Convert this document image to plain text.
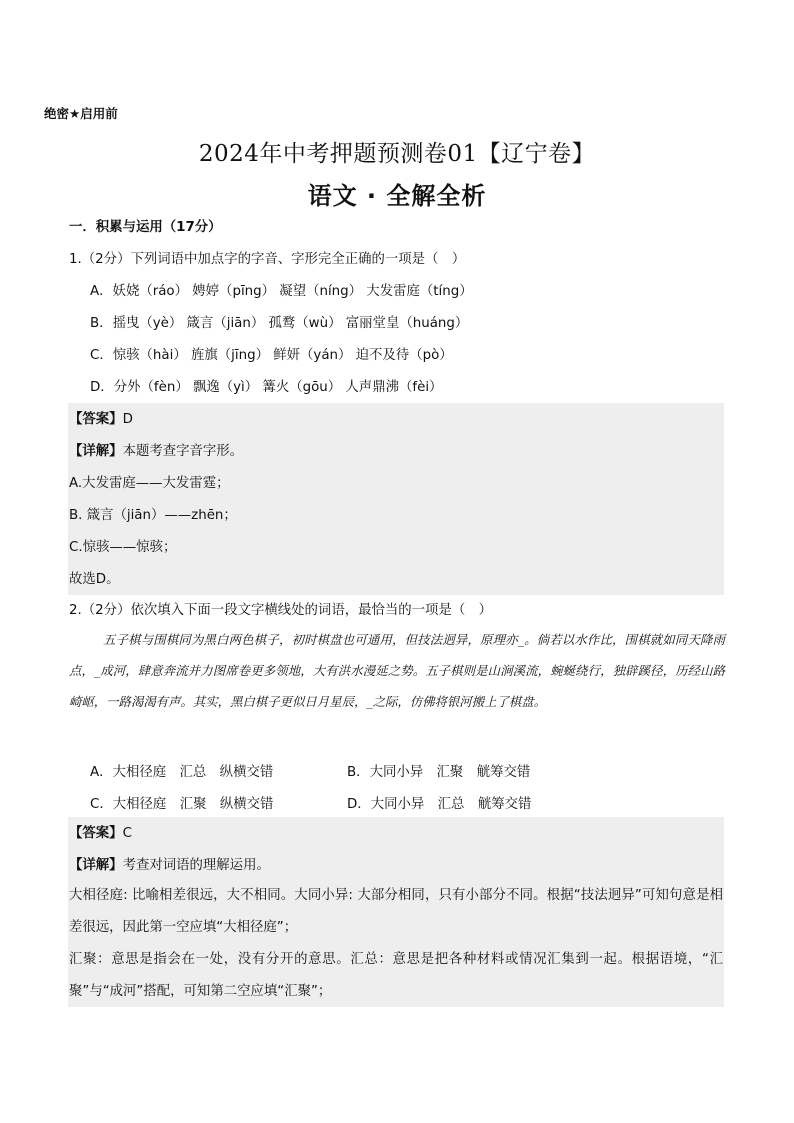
绝密★启用前
2024年中考押题预测卷01【辽宁卷】
语文 · 全解全析
一．积累与运用（17分）
1.（2分）下列词语中加点字的字音、字形完全正确的一项是（　）
A．妖娆（ráo） 娉婷（pīng） 凝望（níng） 大发雷庭（tíng）
B．摇曳（yè） 箴言（jiān） 孤鹜（wù） 富丽堂皇（huáng）
C．惊骇（hài） 旌旗（jīng） 鲜妍（yán） 迫不及待（pò）
D．分外（fèn） 飘逸（yì） 篝火（gōu） 人声鼎沸（fèi）
【答案】D
【详解】本题考查字音字形。
A.大发雷庭——大发雷霆；
B. 箴言（jiān）——zhēn；
C.惊骇——惊骇；
故选D。
2.（2分）依次填入下面一段文字横线处的词语，最恰当的一项是（　）
五子棋与围棋同为黑白两色棋子，初时棋盘也可通用，但技法迥异，原理亦_。倘若以水作比，围棋就如同天降雨点，_成河，肆意奔流并力图席卷更多领地，大有洪水漫延之势。五子棋则是山涧溪流，蜿蜒绕行，独辟蹊径，历经山路崎岖，一路渴渴有声。其实，黑白棋子更似日月星辰，_之际，仿佛将银河搬上了棋盘。
A．大相径庭　汇总　纵横交错	B．大同小异　汇聚　觥筹交错
C．大相径庭　汇聚　纵横交错	D．大同小异　汇总　觥筹交错
【答案】C
【详解】考查对词语的理解运用。
大相径庭: 比喻相差很远，大不相同。大同小异: 大部分相同，只有小部分不同。根据“技法迥异”可知句意是相差很远，因此第一空应填“大相径庭”；
汇聚：意思是指会在一处，没有分开的意思。汇总：意思是把各种材料或情况汇集到一起。根据语境，“汇聚”与“成河”搭配，可知第二空应填“汇聚”；
